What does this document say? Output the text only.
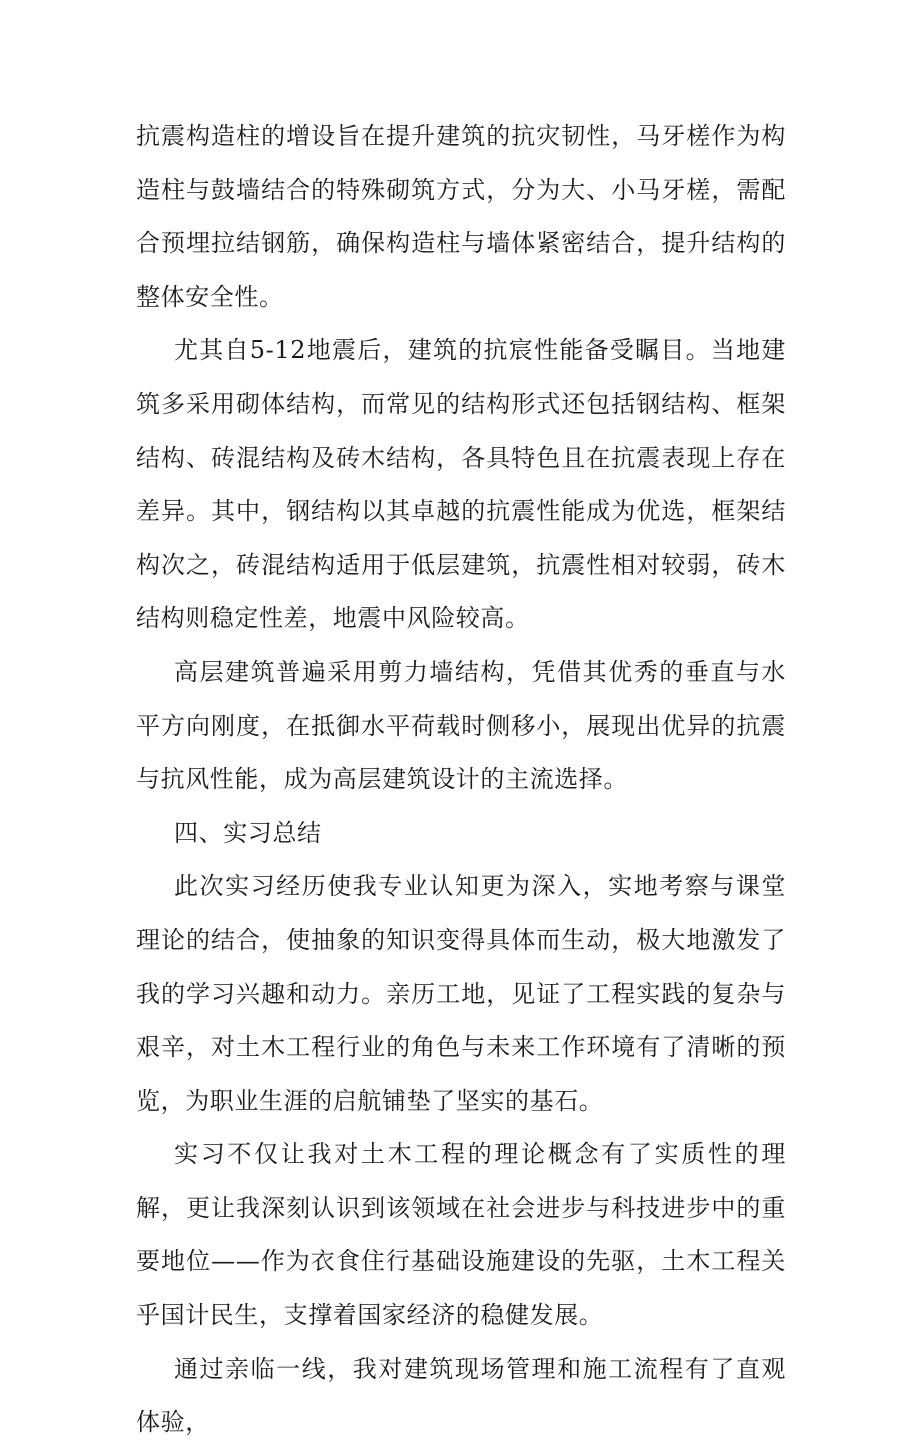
抗震构造柱的增设旨在提升建筑的抗灾韧性，马牙槎作为构造柱与鼓墙结合的特殊砌筑方式，分为大、小马牙槎，需配合预埋拉结钢筋，确保构造柱与墙体紧密结合，提升结构的整体安全性。

尤其自5-12地震后，建筑的抗宸性能备受瞩目。当地建筑多采用砌体结构，而常见的结构形式还包括钢结构、框架结构、砖混结构及砖木结构，各具特色且在抗震表现上存在差异。其中，钢结构以其卓越的抗震性能成为优选，框架结构次之，砖混结构适用于低层建筑，抗震性相对较弱，砖木结构则稳定性差，地震中风险较高。

高层建筑普遍采用剪力墙结构，凭借其优秀的垂直与水平方向刚度，在抵御水平荷载时侧移小，展现出优异的抗震与抗风性能，成为高层建筑设计的主流选择。

四、实习总结

此次实习经历使我专业认知更为深入，实地考察与课堂理论的结合，使抽象的知识变得具体而生动，极大地激发了我的学习兴趣和动力。亲历工地，见证了工程实践的复杂与艰辛，对土木工程行业的角色与未来工作环境有了清晰的预览，为职业生涯的启航铺垫了坚实的基石。

实习不仅让我对土木工程的理论概念有了实质性的理解，更让我深刻认识到该领域在社会进步与科技进步中的重要地位——作为衣食住行基础设施建设的先驱，土木工程关乎国计民生，支撑着国家经济的稳健发展。

通过亲临一线，我对建筑现场管理和施工流程有了直观体验，
